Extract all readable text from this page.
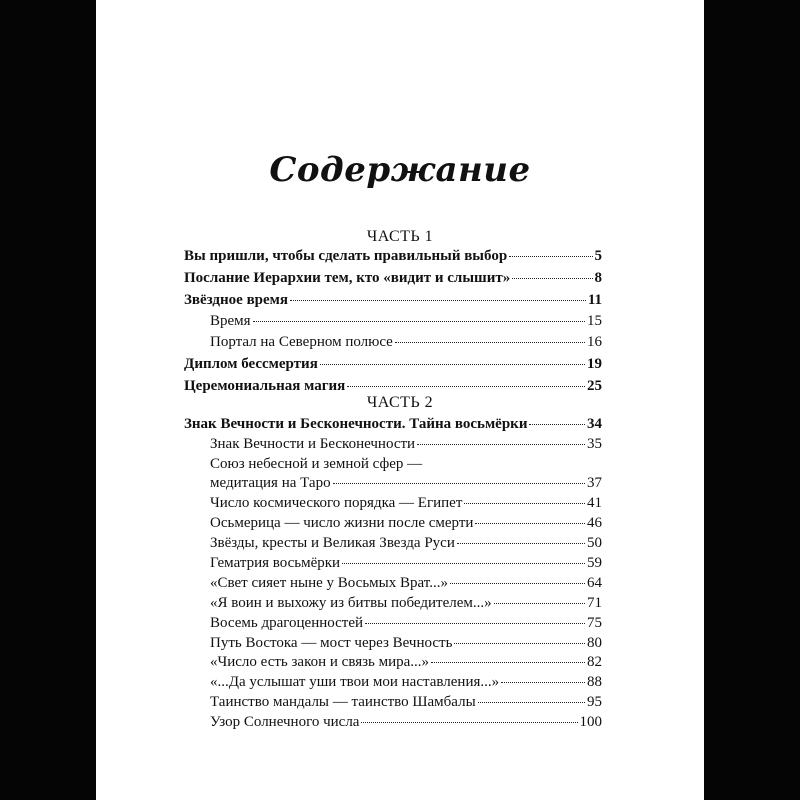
Содержание
ЧАСТЬ 1
Вы пришли, чтобы сделать правильный выбор	5
Послание Иерархии тем, кто «видит и слышит»	8
Звёздное время	11
Время	15
Портал на Северном полюсе	16
Диплом бессмертия	19
Церемониальная магия	25
ЧАСТЬ 2
Знак Вечности и Бесконечности. Тайна восьмёрки	34
Знак Вечности и Бесконечности	35
Союз небесной и земной сфер —
медитация на Таро	37
Число космического порядка — Египет	41
Осьмерица — число жизни после смерти	46
Звёзды, кресты и Великая Звезда Руси	50
Гематрия восьмёрки	59
«Свет сияет ныне у Восьмых Врат...»	64
«Я воин и выхожу из битвы победителем...»	71
Восемь драгоценностей	75
Путь Востока — мост через Вечность	80
«Число есть закон и связь мира...»	82
«...Да услышат уши твои мои наставления...»	88
Таинство мандалы — таинство Шамбалы	95
Узор Солнечного числа	100
